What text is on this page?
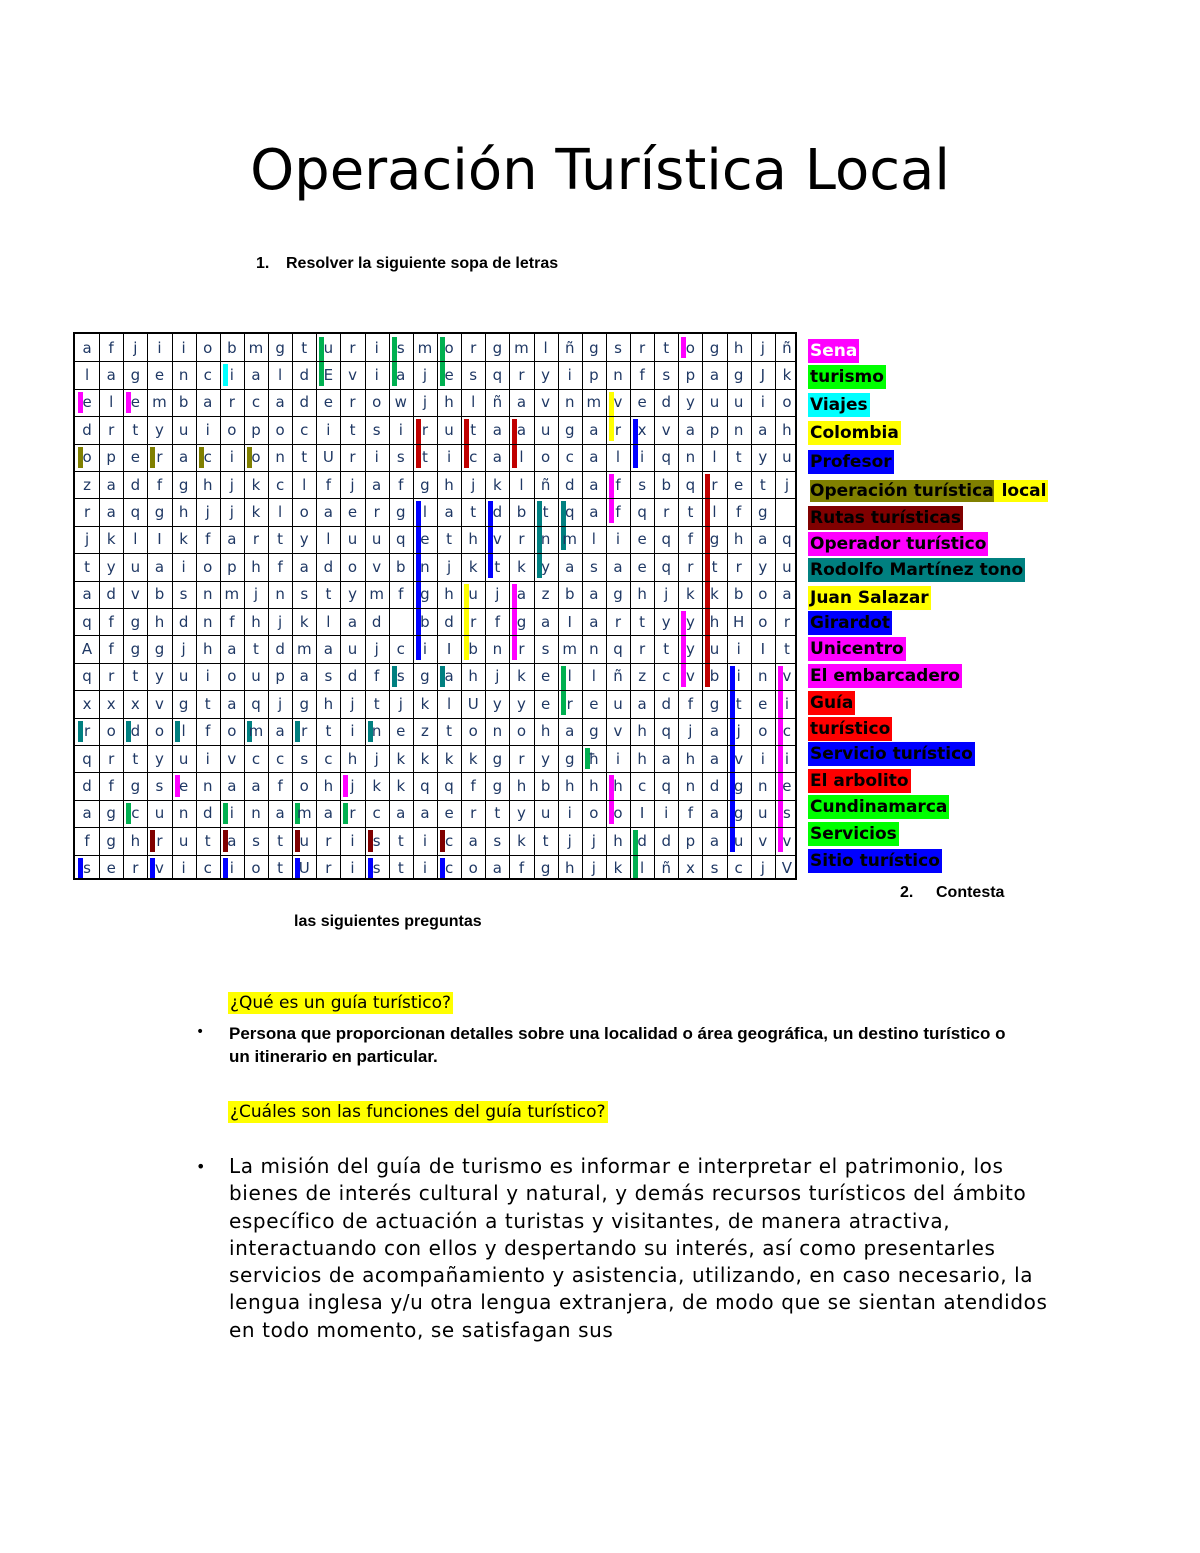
Operación Turística Local
1. Resolver la siguiente sopa de letras
a	f	j	i	i	o b m g	t	u	r	i	s m o	r	g m l	ñ g	s	r	t	o g h	j	ñ
l	a g e n	c	i	a	l	d E v	i	a	j	e	s	q	r	y	i	p n	f	s	p a g	J	k
e	l	e m b a	r	c	a d e	r	o w	j	h	l	ñ a	v n m v	e d y u u	i	o
d	r	t	y u	i	o p o	c	i	t	s	i	r	u	t	a a u g a	r	x	v	a p n a h
o p e	r	a	c	i	o n	t	U	r	i	s	t	i	c	a	l	o	c	a	l	i	q n	l	t	y u
z	a d	f	g h	j	k	c	l	f	j	a	f	g h	j	k	l	ñ d a	f	s	b q	r	e	t	j
r	a q g h	j	j	k	l	o a e	r	g	l	a	t	d b	t	q a	f	q	r	t	l	f	g
j	k	l	I	k	f	a	r	t	y	l	u u q e	t	h v	r	n m l	i	e q	f	g h a q
t	y u a	i	o p h	f	a d o	v b n	j	k	t	k	y	a	s	a e q	r	t	r	y u
a d v b	s	n m j	n	s	t	y m f	g h u	j	a	z	b a g h	j	k	k	b o a
q	f	g h d n	f	h	j	k	l	a d	b d	r	f	g a	I	a	r	t	y	y h H o	r
A	f	g g	j	h a	t	d m a u	j	c	i	I	b n	r	s m n q	r	t	y u	i	I	t
q	r	t	y u	i	o u p a	s	d	f	s	g a h	j	k	e	l	l	ñ	z	c	v b	i	n v
x	x	x	v g	t	a q	j	g h	j	t	j	k	l	U y	y	e	r	e u a d	f	g	t	e	i
r	o d o	l	f	o m a	r	t	i	n e	z	t	o n o h a g v h q	j	a	j	o	c
q	r	t	y u	i	v	c	c	s	c	h	j	k	k	k	k	g	r	y g ħ	i	h a h a	v	i	i
d	f	g	s	e n a a	f	o h	j	k	k	q q	f	g h b h h h	c	q n d g n e
a g	c	u n d	i	n a m a	r	c	a a e	r	t	y u	i	o o	I	i	f	a g u	s
f	g h	r	u	t	a	s	t	u	r	i	s	t	i	c	a	s	k	t	j	j	h d d p a u v	v
s	e	r	v	i	c	i	o	t	U	r	i	s	t	i	c	o a	f	g h	j	k	l	ñ x	s	c	j	V
Sena
turismo
Viajes
Colombia
Profesor
Operación turística local
Rutas turísticas
Operador turístico
Rodolfo Martínez tono
Juan Salazar
Girardot
Unicentro
El embarcadero
Guía
turístico
Servicio turístico
El arbolito
Cundinamarca
Servicios
Sitio turístico
2. Contesta
las siguientes preguntas
¿Qué es un guía turístico?
• Persona que proporcionan detalles sobre una localidad o área geográfica, un destino turístico o un itinerario en particular.
¿Cuáles son las funciones del guía turístico?
• La misión del guía de turismo es informar e interpretar el patrimonio, los bienes de interés cultural y natural, y demás recursos turísticos del ámbito específico de actuación a turistas y visitantes, de manera atractiva, interactuando con ellos y despertando su interés, así como presentarles servicios de acompañamiento y asistencia, utilizando, en caso necesario, la lengua inglesa y/u otra lengua extranjera, de modo que se sientan atendidos en todo momento, se satisfagan sus
